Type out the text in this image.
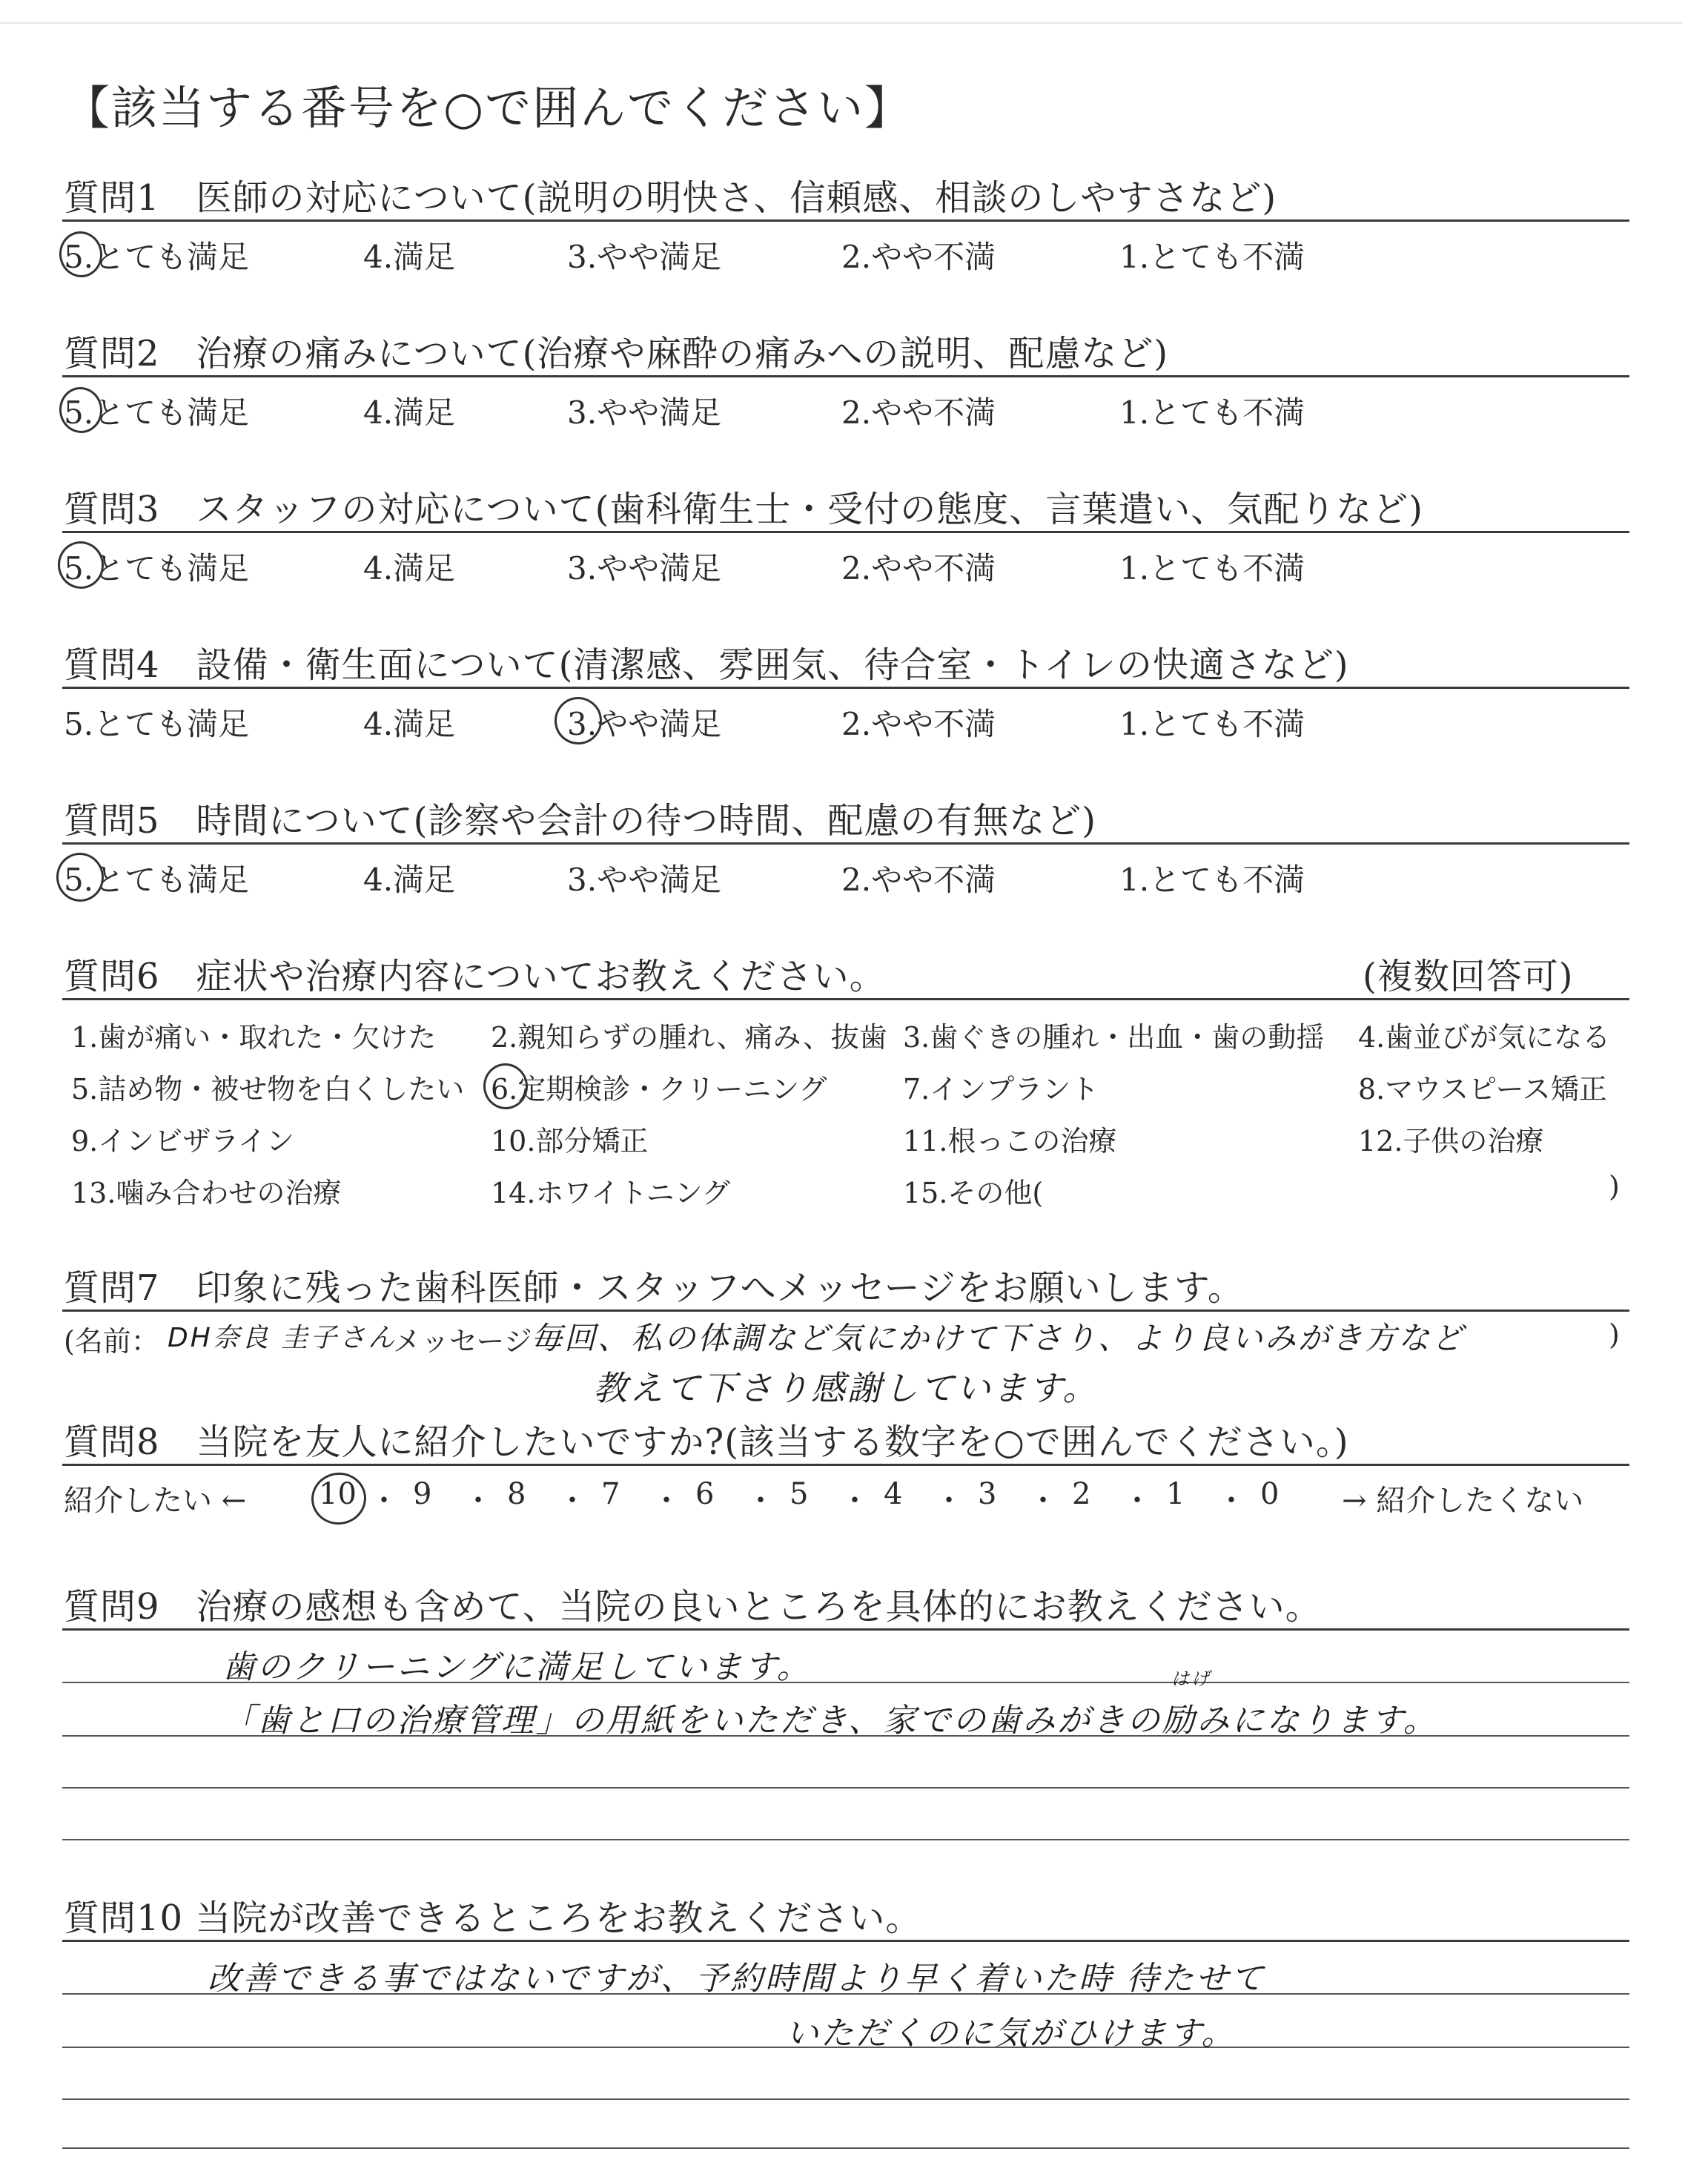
【該当する番号を○で囲んでください】
質問1　医師の対応について(説明の明快さ、信頼感、相談のしやすさなど)
5.とても満足	4.満足	3.やや満足	2.やや不満	1.とても不満
質問2　治療の痛みについて(治療や麻酔の痛みへの説明、配慮など)
5.とても満足	4.満足	3.やや満足	2.やや不満	1.とても不満
質問3　スタッフの対応について(歯科衛生士・受付の態度、言葉遣い、気配りなど)
5.とても満足	4.満足	3.やや満足	2.やや不満	1.とても不満
質問4　設備・衛生面について(清潔感、雰囲気、待合室・トイレの快適さなど)
5.とても満足	4.満足	3.やや満足	2.やや不満	1.とても不満
質問5　時間について(診察や会計の待つ時間、配慮の有無など)
5.とても満足	4.満足	3.やや満足	2.やや不満	1.とても不満
質問6　症状や治療内容についてお教えください。	(複数回答可)
1.歯が痛い・取れた・欠けた 2.親知らずの腫れ、痛み、抜歯 3.歯ぐきの腫れ・出血・歯の動揺 4.歯並びが気になる
5.詰め物・被せ物を白くしたい 6.定期検診・クリーニング	7.インプラント	8.マウスピース矯正
9.インビザライン	10.部分矯正	11.根っこの治療	12.子供の治療
13.噛み合わせの治療	14.ホワイトニング	15.その他(	)
質問7　印象に残った歯科医師・スタッフへメッセージをお願いします。
(名前： DH奈良 圭子さん
メッセージ
毎回、私の体調など気にかけて下さり、より良いみがき方など	)
教えて下さり感謝しています。
質問8　当院を友人に紹介したいですか?(該当する数字を○で囲んでください。)
紹介したい ← 10 ・ 9 ・ 8 ・ 7 ・ 6 ・ 5 ・ 4 ・ 3 ・ 2 ・ 1 ・ 0 → 紹介したくない
質問9　治療の感想も含めて、当院の良いところを具体的にお教えください。
歯のクリーニングに満足しています。
「歯と口の治療管理」の用紙をいただき、家での歯みがきの励みになります。
はげ
質問10 当院が改善できるところをお教えください。
改善できる事ではないですが、予約時間より早く着いた時 待たせて
いただくのに気がひけます。
